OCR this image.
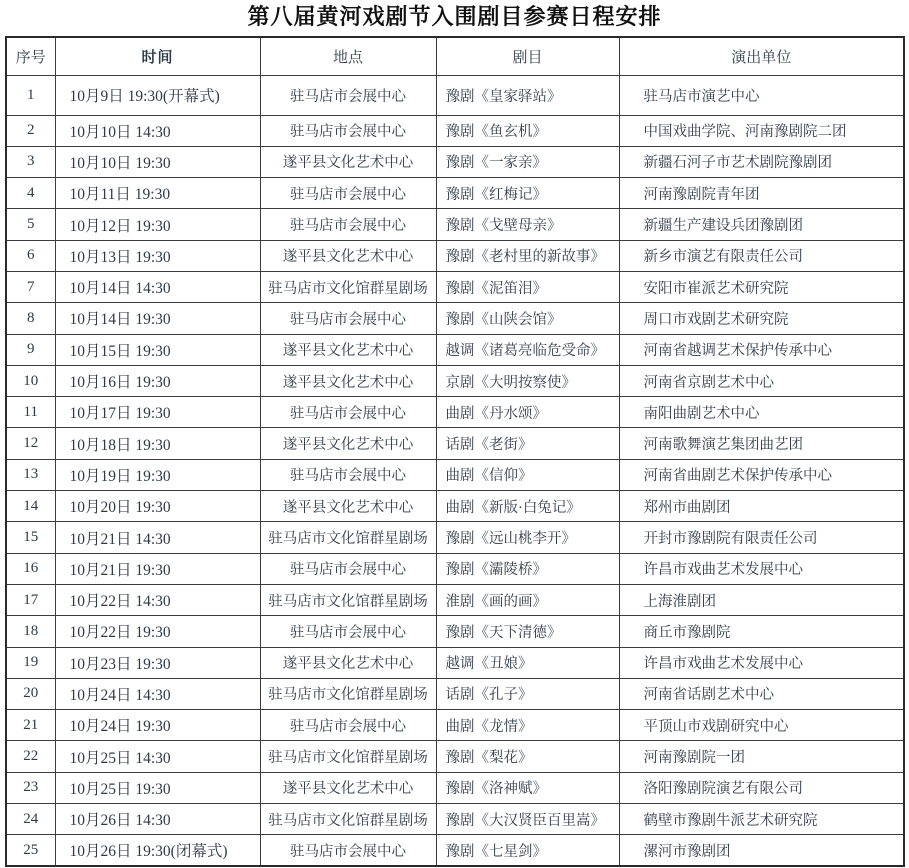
第八届黄河戏剧节入围剧目参赛日程安排
序号	时间	地点	剧目	演出单位
1	10月9日 19:30(开幕式)	驻马店市会展中心	豫剧《皇家驿站》	驻马店市演艺中心
2	10月10日 14:30	驻马店市会展中心	豫剧《鱼玄机》	中国戏曲学院、河南豫剧院二团
3	10月10日 19:30	遂平县文化艺术中心	豫剧《一家亲》	新疆石河子市艺术剧院豫剧团
4	10月11日 19:30	驻马店市会展中心	豫剧《红梅记》	河南豫剧院青年团
5	10月12日 19:30	驻马店市会展中心	豫剧《戈壁母亲》	新疆生产建设兵团豫剧团
6	10月13日 19:30	遂平县文化艺术中心	豫剧《老村里的新故事》	新乡市演艺有限责任公司
7	10月14日 14:30	驻马店市文化馆群星剧场	豫剧《泥笛泪》	安阳市崔派艺术研究院
8	10月14日 19:30	驻马店市会展中心	豫剧《山陕会馆》	周口市戏剧艺术研究院
9	10月15日 19:30	遂平县文化艺术中心	越调《诸葛亮临危受命》	河南省越调艺术保护传承中心
10	10月16日 19:30	遂平县文化艺术中心	京剧《大明按察使》	河南省京剧艺术中心
11	10月17日 19:30	驻马店市会展中心	曲剧《丹水颂》	南阳曲剧艺术中心
12	10月18日 19:30	遂平县文化艺术中心	话剧《老街》	河南歌舞演艺集团曲艺团
13	10月19日 19:30	驻马店市会展中心	曲剧《信仰》	河南省曲剧艺术保护传承中心
14	10月20日 19:30	遂平县文化艺术中心	曲剧《新版·白兔记》	郑州市曲剧团
15	10月21日 14:30	驻马店市文化馆群星剧场	豫剧《远山桃李开》	开封市豫剧院有限责任公司
16	10月21日 19:30	驻马店市会展中心	豫剧《灞陵桥》	许昌市戏曲艺术发展中心
17	10月22日 14:30	驻马店市文化馆群星剧场	淮剧《画的画》	上海淮剧团
18	10月22日 19:30	驻马店市会展中心	豫剧《天下清德》	商丘市豫剧院
19	10月23日 19:30	遂平县文化艺术中心	越调《丑娘》	许昌市戏曲艺术发展中心
20	10月24日 14:30	驻马店市文化馆群星剧场	话剧《孔子》	河南省话剧艺术中心
21	10月24日 19:30	驻马店市会展中心	曲剧《龙情》	平顶山市戏剧研究中心
22	10月25日 14:30	驻马店市文化馆群星剧场	豫剧《梨花》	河南豫剧院一团
23	10月25日 19:30	遂平县文化艺术中心	豫剧《洛神赋》	洛阳豫剧院演艺有限公司
24	10月26日 14:30	驻马店市文化馆群星剧场	豫剧《大汉贤臣百里嵩》	鹤壁市豫剧牛派艺术研究院
25	10月26日 19:30(闭幕式)	驻马店市会展中心	豫剧《七星剑》	漯河市豫剧团
